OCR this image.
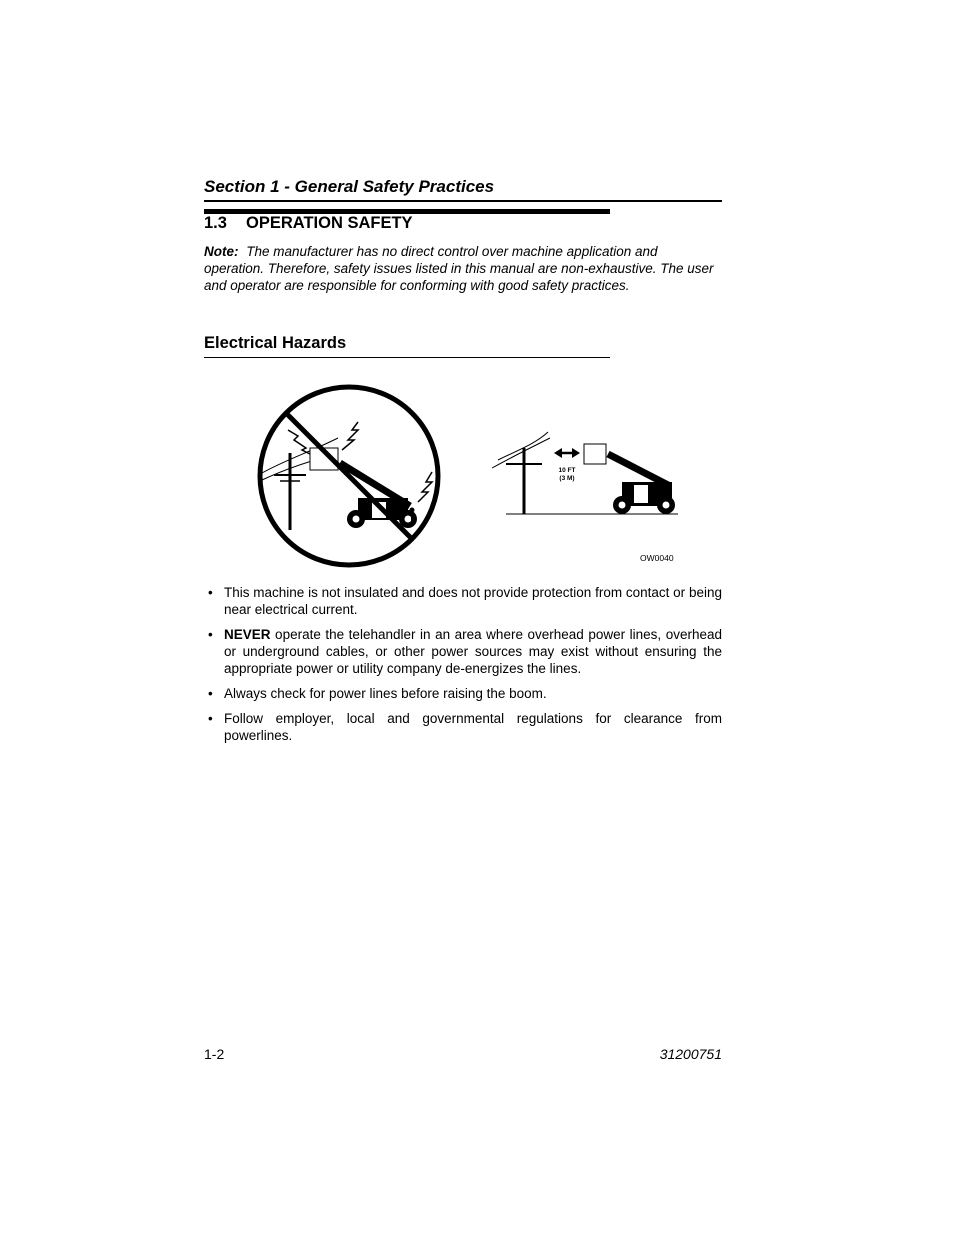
Section 1 - General Safety Practices
1.3 OPERATION SAFETY
Note: The manufacturer has no direct control over machine application and operation. Therefore, safety issues listed in this manual are non-exhaustive. The user and operator are responsible for conforming with good safety practices.
Electrical Hazards
10 FT
(3 M)
OW0040
• This machine is not insulated and does not provide protection from contact or being near electrical current.
• NEVER operate the telehandler in an area where overhead power lines, overhead or underground cables, or other power sources may exist without ensuring the appropriate power or utility company de-energizes the lines.
• Always check for power lines before raising the boom.
• Follow employer, local and governmental regulations for clearance from powerlines.
1-2	31200751
